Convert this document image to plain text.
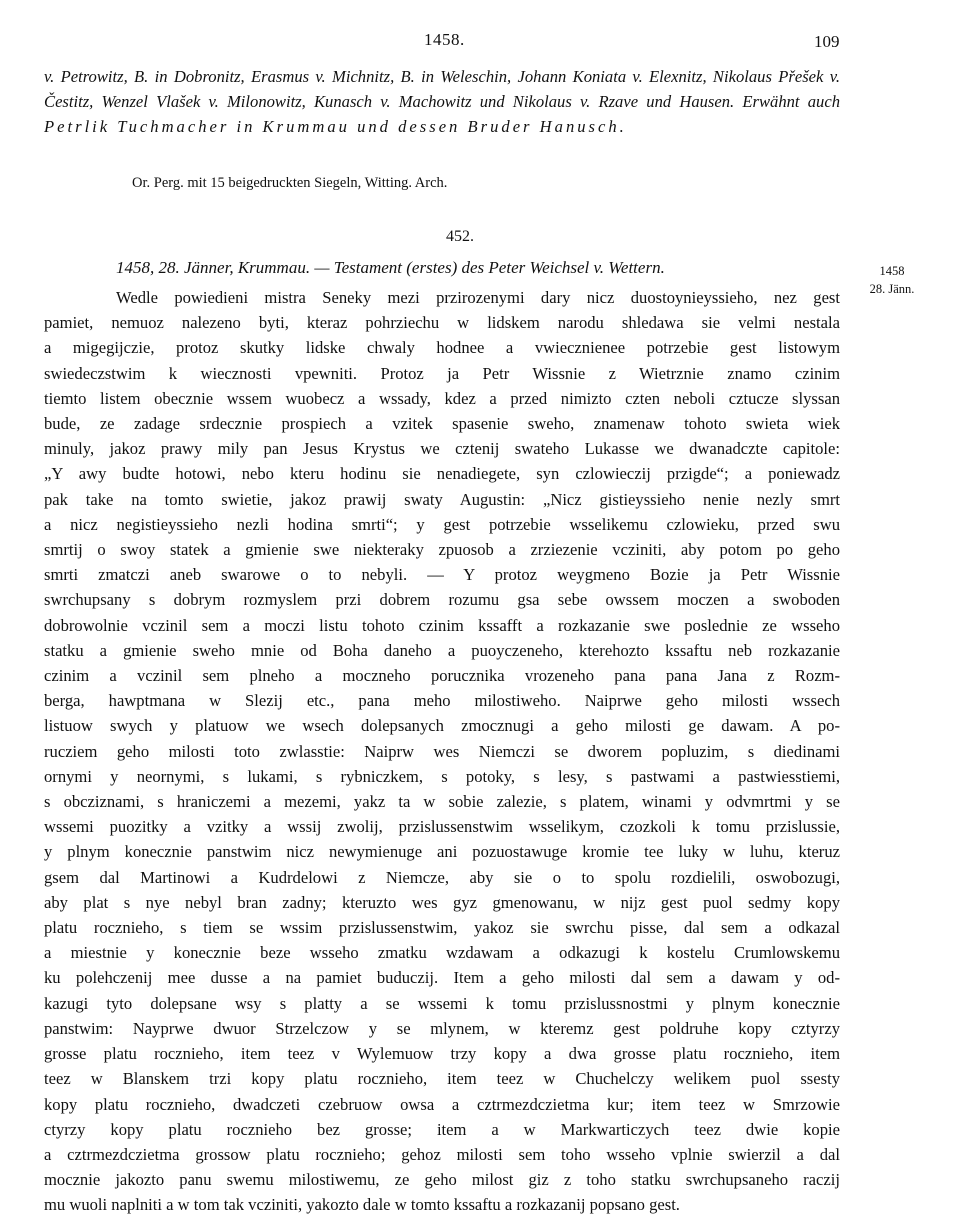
1458.	109
v. Petrowitz, B. in Dobronitz, Erasmus v. Michnitz, B. in Weleschin, Johann Koniata v. Elexnitz, Nikolaus Přešek v. Čestitz, Wenzel Vlašek v. Milonowitz, Kunasch v. Machowitz und Nikolaus v. Rzave und Hausen. Erwähnt auch Petrlik Tuchmacher in Krummau und dessen Bruder Hanusch.
Or. Perg. mit 15 beigedruckten Siegeln, Witting. Arch.
452.
1458, 28. Jänner, Krummau. — Testament (erstes) des Peter Weichsel v. Wettern.	1458
28. Jänn.
Wedle powiedieni mistra Seneky mezi przirozenymi dary nicz duostoynieyssieho, nez gest
pamiet, nemuoz nalezeno byti, kteraz pohrziechu w lidskem narodu shledawa sie velmi nestala
a migegijczie, protoz skutky lidske chwaly hodnee a vwiecznienee potrzebie gest listowym
swiedeczstwim k wiecznosti vpewniti. Protoz ja Petr Wissnie z Wietrznie znamo czinim
tiemto listem obecznie wssem wuobecz a wssady, kdez a przed nimizto czten neboli cztucze slyssan
bude, ze zadage srdecznie prospiech a vzitek spasenie sweho, znamenaw tohoto swieta wiek
minuly, jakoz prawy mily pan Jesus Krystus we cztenij swateho Lukasse we dwanadczte capitole:
„Y awy budte hotowi, nebo kteru hodinu sie nenadiegete, syn czlowieczij przigde“; a poniewadz
pak take na tomto swietie, jakoz prawij swaty Augustin: „Nicz gistieyssieho nenie nezly smrt
a nicz negistieyssieho nezli hodina smrti“; y gest potrzebie wsselikemu czlowieku, przed swu
smrtij o swoy statek a gmienie swe niekteraky zpuosob a zrziezenie vcziniti, aby potom po geho
smrti zmatczi aneb swarowe o to nebyli. — Y protoz weygmeno Bozie ja Petr Wissnie
swrchupsany s dobrym rozmyslem przi dobrem rozumu gsa sebe owssem moczen a swoboden
dobrowolnie vczinil sem a moczi listu tohoto czinim kssafft a rozkazanie swe poslednie ze wsseho
statku a gmienie sweho mnie od Boha daneho a puoyczeneho, kterehozto kssaftu neb rozkazanie
czinim a vczinil sem plneho a moczneho porucznika vrozeneho pana pana Jana z Rozm-
berga, hawptmana w Slezij etc., pana meho milostiweho. Naiprwe geho milosti wssech
listuow swych y platuow we wsech dolepsanych zmocznugi a geho milosti ge dawam. A po-
rucziem geho milosti toto zwlasstie: Naiprw wes Niemczi se dworem popluzim, s diedinami
ornymi y neornymi, s lukami, s rybniczkem, s potoky, s lesy, s pastwami a pastwiesstiemi,
s obcziznami, s hraniczemi a mezemi, yakz ta w sobie zalezie, s platem, winami y odvmrtmi y se
wssemi puozitky a vzitky a wssij zwolij, przislussenstwim wsselikym, czozkoli k tomu przislussie,
y plnym konecznie panstwim nicz newymienuge ani pozuostawuge kromie tee luky w luhu, kteruz
gsem dal Martinowi a Kudrdelowi z Niemcze, aby sie o to spolu rozdielili, oswobozugi,
aby plat s nye nebyl bran zadny; kteruzto wes gyz gmenowanu, w nijz gest puol sedmy kopy
platu rocznieho, s tiem se wssim przislussenstwim, yakoz sie swrchu pisse, dal sem a odkazal
a miestnie y konecznie beze wsseho zmatku wzdawam a odkazugi k kostelu Crumlowskemu
ku polehczenij mee dusse a na pamiet buduczij. Item a geho milosti dal sem a dawam y od-
kazugi tyto dolepsane wsy s platty a se wssemi k tomu przislussnostmi y plnym konecznie
panstwim: Nayprwe dwuor Strzelczow y se mlynem, w kteremz gest poldruhe kopy cztyrzy
grosse platu rocznieho, item teez v Wylemuow trzy kopy a dwa grosse platu rocznieho, item
teez w Blanskem trzi kopy platu rocznieho, item teez w Chuchelczy welikem puol ssesty
kopy platu rocznieho, dwadczeti czebruow owsa a cztrmezdczietma kur; item teez w Smrzowie
ctyrzy kopy platu rocznieho bez grosse; item a w Markwarticzych teez dwie kopie
a cztrmezdczietma grossow platu rocznieho; gehoz milosti sem toho wsseho vplnie swierzil a dal
mocznie jakozto panu swemu milostiwemu, ze geho milost giz z toho statku swrchupsaneho raczij
mu wuoli naplniti a w tom tak vcziniti, yakozto dale w tomto kssaftu a rozkazanij popsano gest.
